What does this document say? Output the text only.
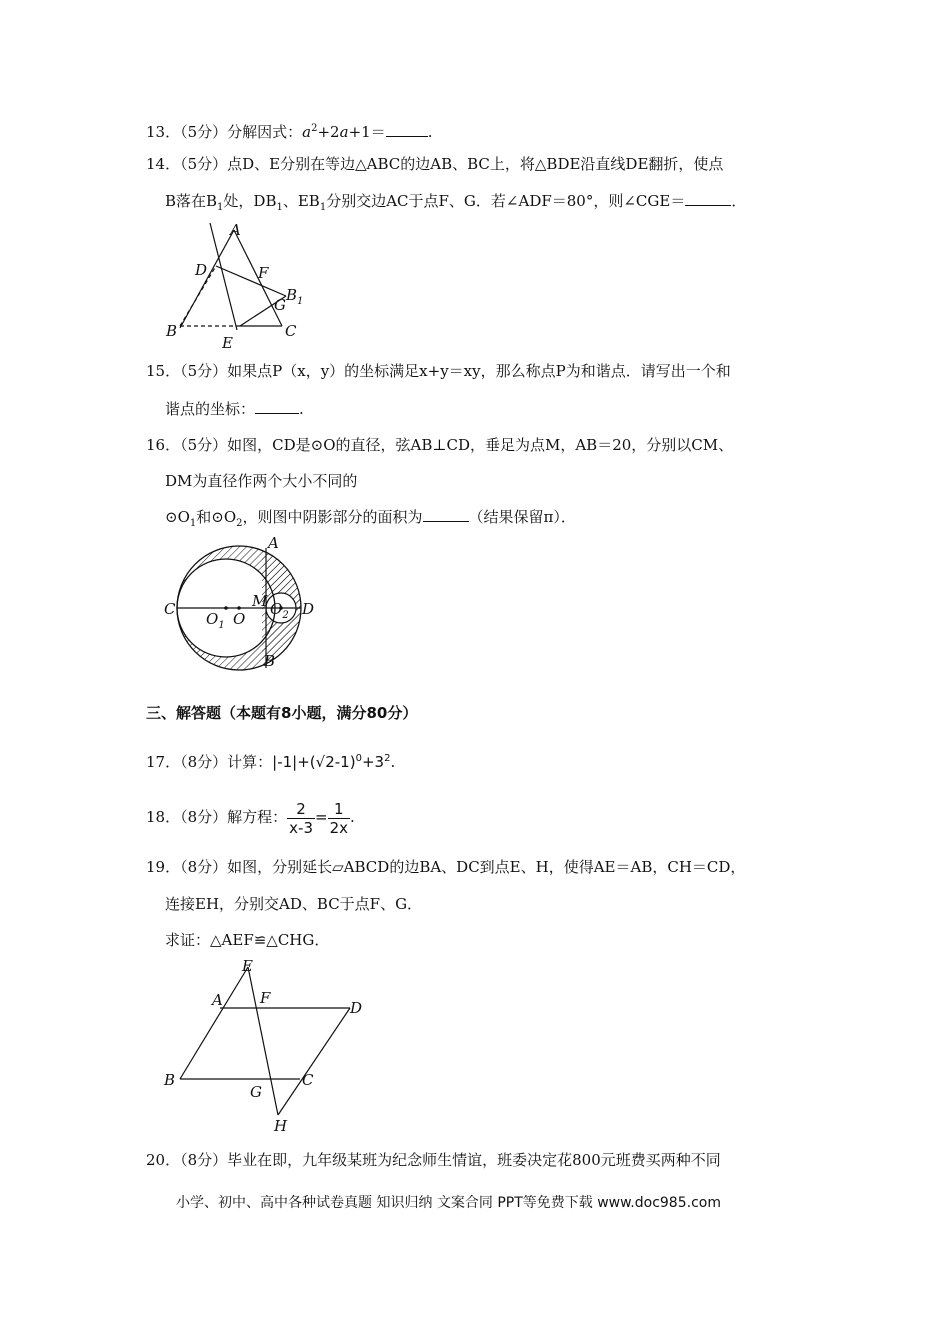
13．（5分）分解因式：$a^2+2a+1=$	.
14．（5分）点D、E分别在等边△ABC的边AB、BC上，将△BDE沿直线DE翻折，使点
B落在$B_1$处，$DB_1$、$EB_1$分别交边AC于点F、G．若∠ADF＝80°，则∠CGE＝	．
A
D	F
$B_1$
G
B	C
E
15．（5分）如果点P（x，y）的坐标满足x+y＝xy，那么称点P为和谐点．请写出一个和
谐点的坐标：	.
16．（5分）如图，CD是⊙O的直径，弦AB⊥CD，垂足为点M，AB＝20，分别以CM、
DM为直径作两个大小不同的
$⊙O_1$和$⊙O_2$，则图中阴影部分的面积为	（结果保留π）．
A
C	D
B
M
O
$O_1$
$O_2$
三、解答题（本题有8小题，满分80分）
17．（8分）计算：$|-1|+(√2-1)^0+3^2$.
18．（8分）解方程： $\frac{2}{x-3} = \frac{1}{2x}$ .
19．（8分）如图，分别延长▱ABCD的边BA、DC到点E、H，使得AE＝AB，CH＝CD，
连接EH，分别交AD、BC于点F、G．
求证：△AEF≌△CHG．
E
A F
D
B
G
C
H
20．（8分）毕业在即，九年级某班为纪念师生情谊，班委决定花800元班费买两种不同
小学、初中、高中各种试卷真题 知识归纳 文案合同 PPT等免费下载 www.doc985.com
